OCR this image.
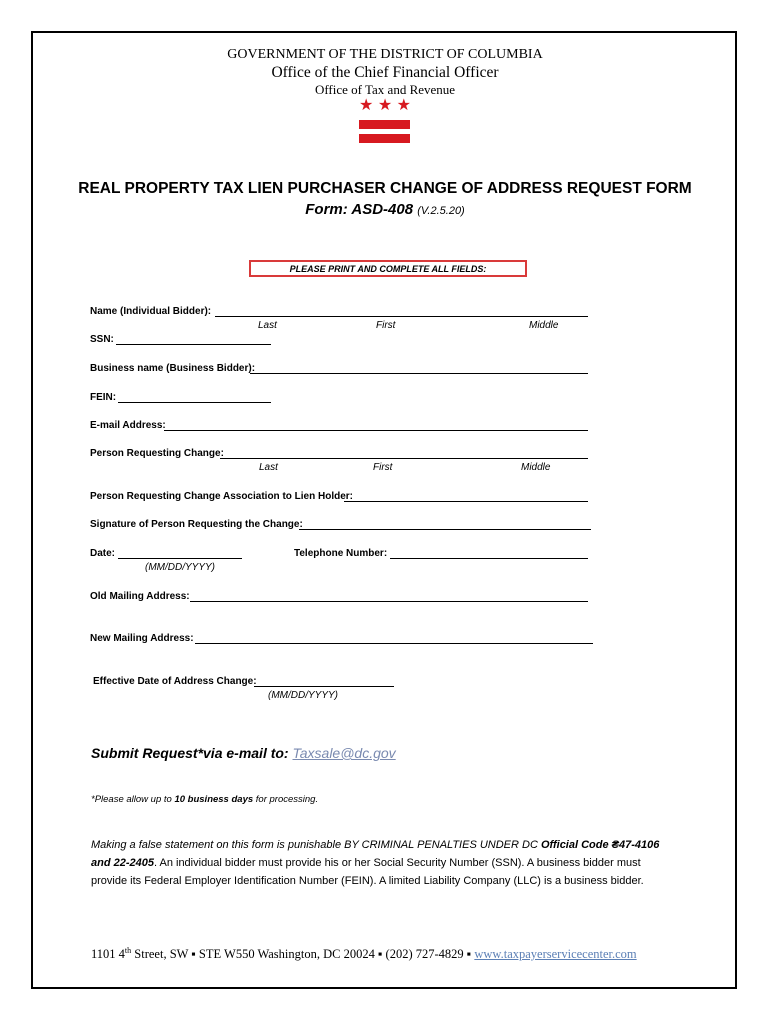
GOVERNMENT OF THE DISTRICT OF COLUMBIA
Office of the Chief Financial Officer
Office of Tax and Revenue
★ ★ ★
REAL PROPERTY TAX LIEN PURCHASER CHANGE OF ADDRESS REQUEST FORM
Form: ASD-408 (V.2.5.20)
PLEASE PRINT AND COMPLETE ALL FIELDS:
Name (Individual Bidder):
Last	First	Middle
SSN:
Business name (Business Bidder):
FEIN:
E-mail Address:
Person Requesting Change:
Last	First	Middle
Person Requesting Change Association to Lien Holder:
Signature of Person Requesting the Change:
Date:
(MM/DD/YYYY)
Telephone Number:
Old Mailing Address:
New Mailing Address:
Effective Date of Address Change:
(MM/DD/YYYY)
Submit Request*via e-mail to: Taxsale@dc.gov
*Please allow up to 10 business days for processing.
Making a false statement on this form is punishable BY CRIMINAL PENALTIES UNDER DC Official Code ₴47-4106
and 22-2405. An individual bidder must provide his or her Social Security Number (SSN). A business bidder must
provide its Federal Employer Identification Number (FEIN). A limited Liability Company (LLC) is a business bidder.
1101 4th Street, SW ▪ STE W550 Washington, DC 20024 ▪ (202) 727-4829 ▪ www.taxpayerservicecenter.com
